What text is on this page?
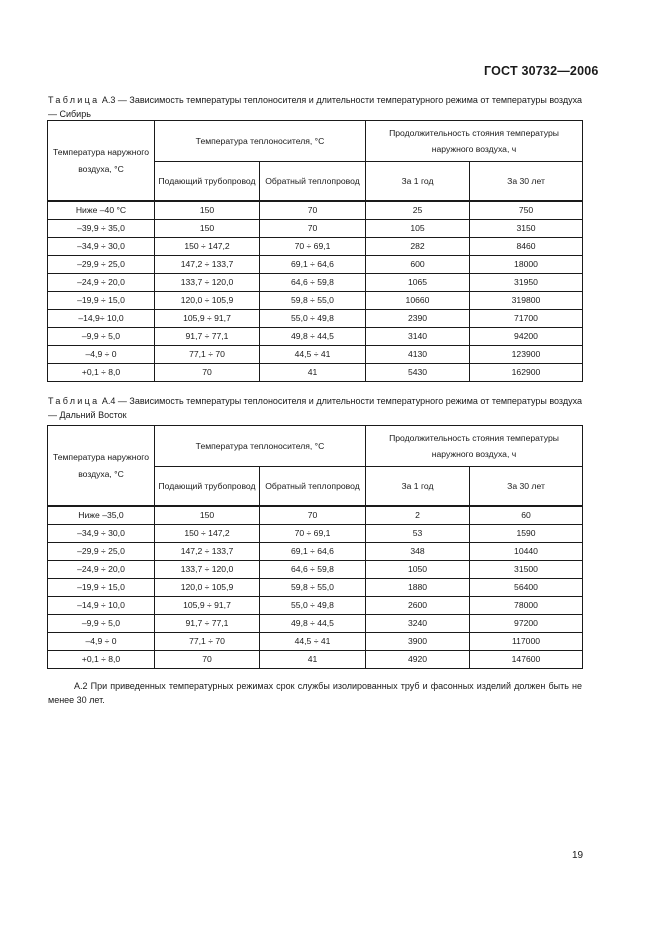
ГОСТ 30732—2006
Таблица А.3 — Зависимость температуры теплоносителя и длительности температурного режима от температуры воздуха — Сибирь
Температура наружного воздуха, °С	Температура теплоносителя, °С		Продолжительность стояния температуры наружного воздуха, ч	
	Подающий трубопровод	Обратный теплопровод	За 1 год	За 30 лет
Ниже –40 °С	150	70	25	750
–39,9 ÷ 35,0	150	70	105	3150
–34,9 ÷ 30,0	150 ÷ 147,2	70 ÷ 69,1	282	8460
–29,9 ÷ 25,0	147,2 ÷ 133,7	69,1 ÷ 64,6	600	18000
–24,9 ÷ 20,0	133,7 ÷ 120,0	64,6 ÷ 59,8	1065	31950
–19,9 ÷ 15,0	120,0 ÷ 105,9	59,8 ÷ 55,0	10660	319800
–14,9÷ 10,0	105,9 ÷ 91,7	55,0 ÷ 49,8	2390	71700
–9,9 ÷ 5,0	91,7 ÷ 77,1	49,8 ÷ 44,5	3140	94200
–4,9 ÷ 0	77,1 ÷ 70	44,5 ÷ 41	4130	123900
+0,1 ÷ 8,0	70	41	5430	162900
Таблица А.4 — Зависимость температуры теплоносителя и длительности температурного режима от температуры воздуха — Дальний Восток
Температура наружного воздуха, °С	Температура теплоносителя, °С		Продолжительность стояния температуры наружного воздуха, ч	
	Подающий трубопровод	Обратный теплопровод	За 1 год	За 30 лет
Ниже –35,0	150	70	2	60
–34,9 ÷ 30,0	150 ÷ 147,2	70 ÷ 69,1	53	1590
–29,9 ÷ 25,0	147,2 ÷ 133,7	69,1 ÷ 64,6	348	10440
–24,9 ÷ 20,0	133,7 ÷ 120,0	64,6 ÷ 59,8	1050	31500
–19,9 ÷ 15,0	120,0 ÷ 105,9	59,8 ÷ 55,0	1880	56400
–14,9 ÷ 10,0	105,9 ÷ 91,7	55,0 ÷ 49,8	2600	78000
–9,9 ÷ 5,0	91,7 ÷ 77,1	49,8 ÷ 44,5	3240	97200
–4,9 ÷ 0	77,1 ÷ 70	44,5 ÷ 41	3900	117000
+0,1 ÷ 8,0	70	41	4920	147600
А.2 При приведенных температурных режимах срок службы изолированных труб и фасонных изделий должен быть не менее 30 лет.
19
